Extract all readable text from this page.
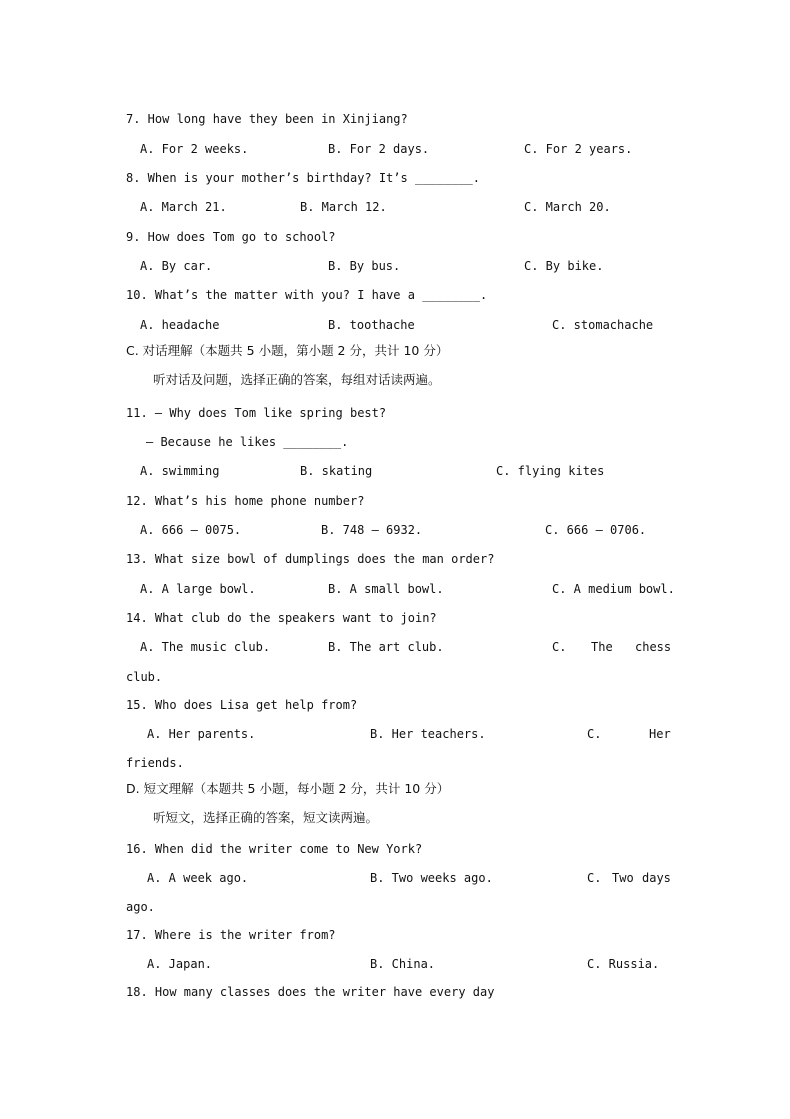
7. How long have they been in Xinjiang?
A. For 2 weeks.	B. For 2 days.	C. For 2 years.
8. When is your mother’s birthday? It’s ________.
A. March 21.	B. March 12.	C. March 20.
9. How does Tom go to school?
A. By car.	B. By bus.	C. By bike.
10. What’s the matter with you? I have a ________.
A. headache	B. toothache	C. stomachache
C. 对话理解（本题共 5 小题，第小题 2 分，共计 10 分）
听对话及问题，选择正确的答案，每组对话读两遍。
11. — Why does Tom like spring best?
— Because he likes ________.
A. swimming	B. skating	C. flying kites
12. What’s his home phone number?
A. 666 – 0075.	B. 748 – 6932.	C. 666 – 0706.
13. What size bowl of dumplings does the man order?
A. A large bowl.	B. A small bowl.	C. A medium bowl.
14. What club do the speakers want to join?
A. The music club.	B. The art club.	C. The chess
club.
15. Who does Lisa get help from?
A. Her parents.	B. Her teachers.	C.	Her
friends.
D. 短文理解（本题共 5 小题，每小题 2 分，共计 10 分）
听短文，选择正确的答案，短文读两遍。
16. When did the writer come to New York?
A. A week ago.	B. Two weeks ago.	C. Two days
ago.
17. Where is the writer from?
A. Japan.	B. China.	C. Russia.
18. How many classes does the writer have every day
